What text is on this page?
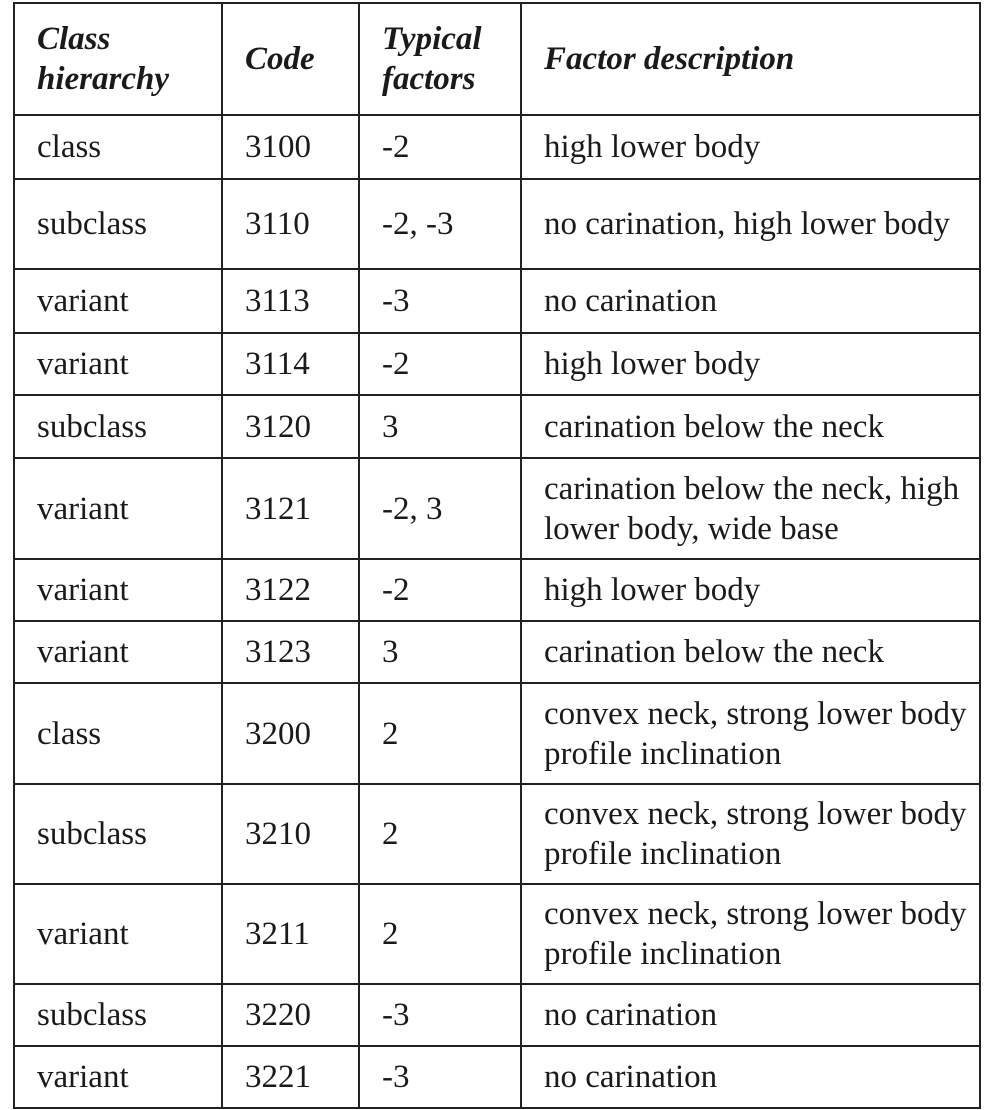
Class hierarchy	Code	Typical factors	Factor description
class	3100	-2	high lower body
subclass	3110	-2, -3	no carination, high lower body
variant	3113	-3	no carination
variant	3114	-2	high lower body
subclass	3120	3	carination below the neck
variant	3121	-2, 3	carination below the neck, high lower body, wide base
variant	3122	-2	high lower body
variant	3123	3	carination below the neck
class	3200	2	convex neck, strong lower body profile inclination
subclass	3210	2	convex neck, strong lower body profile inclination
variant	3211	2	convex neck, strong lower body profile inclination
subclass	3220	-3	no carination
variant	3221	-3	no carination
